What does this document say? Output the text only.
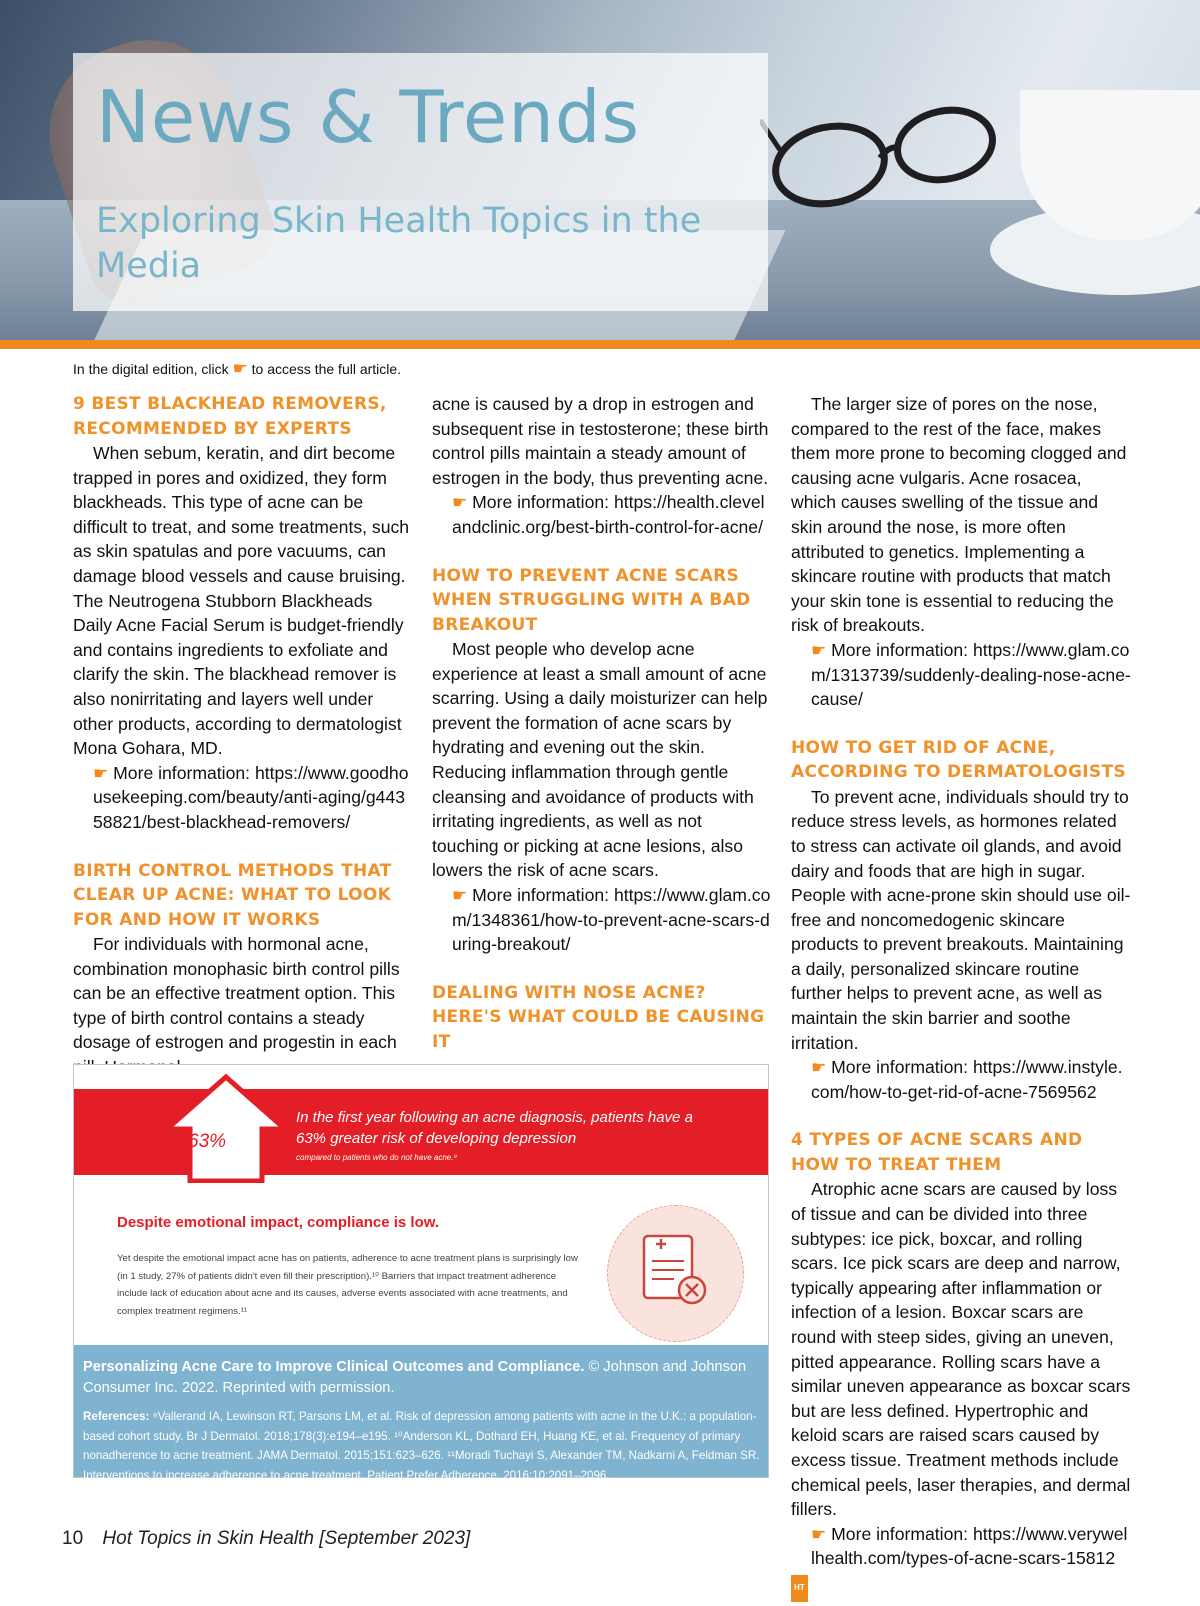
News & Trends
Exploring Skin Health Topics in the Media
In the digital edition, click ☛ to access the full article.
9 BEST BLACKHEAD REMOVERS, RECOMMENDED BY EXPERTS

When sebum, keratin, and dirt become trapped in pores and oxidized, they form blackheads. This type of acne can be difficult to treat, and some treatments, such as skin spatulas and pore vacuums, can damage blood vessels and cause bruising. The Neutrogena Stubborn Blackheads Daily Acne Facial Serum is budget-friendly and contains ingredients to exfoliate and clarify the skin. The blackhead remover is also nonirritating and layers well under other products, according to dermatologist Mona Gohara, MD.

☛ More information: https://www.goodhousekeeping.com/beauty/anti-aging/g44358821/best-blackhead-removers/

BIRTH CONTROL METHODS THAT CLEAR UP ACNE: WHAT TO LOOK FOR AND HOW IT WORKS

For individuals with hormonal acne, combination monophasic birth control pills can be an effective treatment option. This type of birth control contains a steady dosage of estrogen and progestin in each

acne is caused by a drop in estrogen and subsequent rise in testosterone; these birth control pills maintain a steady amount of estrogen in the body, thus preventing acne.

☛ More information: https://health.clevelandclinic.org/best-birth-control-for-acne/

HOW TO PREVENT ACNE SCARS WHEN STRUGGLING WITH A BAD BREAKOUT

Most people who develop acne experience at least a small amount of acne scarring. Using a daily moisturizer can help prevent the formation of acne scars by hydrating and evening out the skin. Reducing inflammation through gentle cleansing and avoidance of products with irritating ingredients, as well as not touching or picking at acne lesions, also lowers the risk of acne scars.

☛ More information: https://www.glam.com/1348361/how-to-prevent-acne-scars-during-breakout/

DEALING WITH NOSE ACNE? HERE'S WHAT COULD BE CAUSING IT

The larger size of pores on the nose, compared to the rest of the face, makes them more prone to becoming clogged and causing acne vulgaris. Acne rosacea, which causes swelling of the tissue and skin around the nose, is more often attributed to genetics. Implementing a skincare routine with products that match your skin tone is essential to reducing the risk of breakouts.

☛ More information: https://www.glam.com/1313739/suddenly-dealing-nose-acne-cause/

HOW TO GET RID OF ACNE, ACCORDING TO DERMATOLOGISTS

To prevent acne, individuals should try to reduce stress levels, as hormones related to stress can activate oil glands, and avoid dairy and foods that are high in sugar. People with acne-prone skin should use oil-free and noncomedogenic skincare products to prevent breakouts. Maintaining a daily, personalized skincare routine further helps to prevent acne, as well as maintain the skin barrier and soothe irritation.

☛ More information: https://www.instyle.com/how-to-get-rid-of-acne-7569562

4 TYPES OF ACNE SCARS AND HOW TO TREAT THEM

Atrophic acne scars are caused by loss of tissue and can be divided into three subtypes: ice pick, boxcar, and rolling scars. Ice pick scars are deep and narrow, typically appearing after inflammation or infection of a lesion. Boxcar scars are round with steep sides, giving an uneven, pitted appearance. Rolling scars have a similar uneven appearance as boxcar scars but are less defined. Hypertrophic and keloid scars are raised scars caused by excess tissue. Treatment methods include chemical peels, laser therapies, and dermal fillers.

☛ More information: https://www.verywellhealth.com/types-of-acne-scars-15812

HT
63%
In the first year following an acne diagnosis, patients have a 63% greater risk of developing depression
compared to patients who do not have acne.⁹
Despite emotional impact, compliance is low.
Yet despite the emotional impact acne has on patients, adherence to acne treatment plans is surprisingly low (in 1 study, 27% of patients didn't even fill their prescription).¹⁰ Barriers that impact treatment adherence include lack of education about acne and its causes, adverse events associated with acne treatments, and complex treatment regimens.¹¹
Personalizing Acne Care to Improve Clinical Outcomes and Compliance. © Johnson and Johnson Consumer Inc. 2022. Reprinted with permission.
References: ⁹Vallerand IA, Lewinson RT, Parsons LM, et al. Risk of depression among patients with acne in the U.K.: a population-based cohort study. Br J Dermatol. 2018;178(3):e194–e195. ¹⁰Anderson KL, Dothard EH, Huang KE, et al. Frequency of primary nonadherence to acne treatment. JAMA Dermatol. 2015;151:623–626. ¹¹Moradi Tuchayi S, Alexander TM, Nadkarni A, Feldman SR. Interventions to increase adherence to acne treatment. Patient Prefer Adherence. 2016;10:2091–2096.
10 Hot Topics in Skin Health [September 2023]
